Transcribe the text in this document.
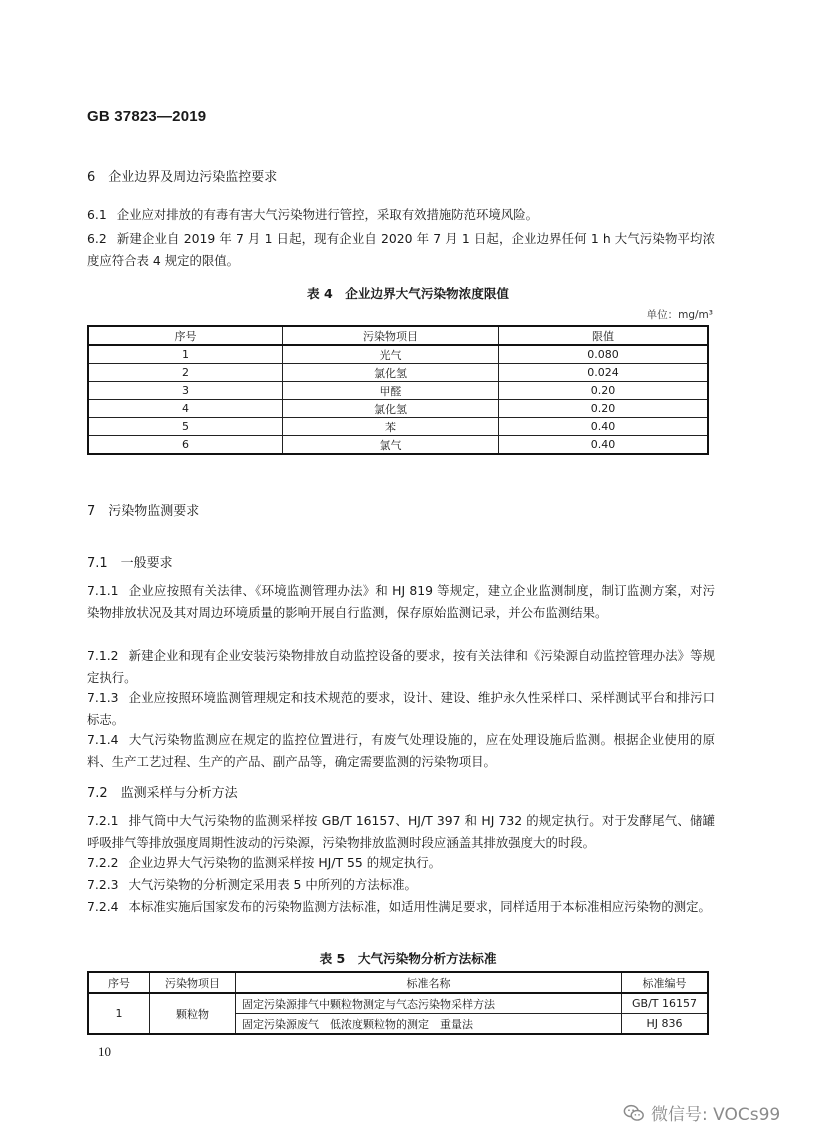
GB 37823—2019
6　企业边界及周边污染监控要求
6.1 企业应对排放的有毒有害大气污染物进行管控，采取有效措施防范环境风险。
6.2 新建企业自 2019 年 7 月 1 日起，现有企业自 2020 年 7 月 1 日起，企业边界任何 1 h 大气污染物平均浓度应符合表 4 规定的限值。
表 4　企业边界大气污染物浓度限值
单位：mg/m³
序号	污染物项目	限值
1	光气	0.080
2	氯化氢	0.024
3	甲醛	0.20
4	氯化氢	0.20
5	苯	0.40
6	氯气	0.40
7　污染物监测要求
7.1　一般要求
7.1.1 企业应按照有关法律、《环境监测管理办法》和 HJ 819 等规定，建立企业监测制度，制订监测方案，对污染物排放状况及其对周边环境质量的影响开展自行监测，保存原始监测记录，并公布监测结果。
7.1.2 新建企业和现有企业安装污染物排放自动监控设备的要求，按有关法律和《污染源自动监控管理办法》等规定执行。
7.1.3 企业应按照环境监测管理规定和技术规范的要求，设计、建设、维护永久性采样口、采样测试平台和排污口标志。
7.1.4 大气污染物监测应在规定的监控位置进行，有废气处理设施的，应在处理设施后监测。根据企业使用的原料、生产工艺过程、生产的产品、副产品等，确定需要监测的污染物项目。
7.2　监测采样与分析方法
7.2.1 排气筒中大气污染物的监测采样按 GB/T 16157、HJ/T 397 和 HJ 732 的规定执行。对于发酵尾气、储罐呼吸排气等排放强度周期性波动的污染源，污染物排放监测时段应涵盖其排放强度大的时段。
7.2.2 企业边界大气污染物的监测采样按 HJ/T 55 的规定执行。
7.2.3 大气污染物的分析测定采用表 5 中所列的方法标准。
7.2.4 本标准实施后国家发布的污染物监测方法标准，如适用性满足要求，同样适用于本标准相应污染物的测定。
表 5　大气污染物分析方法标准
序号	污染物项目	标准名称	标准编号
1	颗粒物	固定污染源排气中颗粒物测定与气态污染物采样方法	GB/T 16157
		固定污染源废气　低浓度颗粒物的测定　重量法	HJ 836
10
微信号: VOCs99
